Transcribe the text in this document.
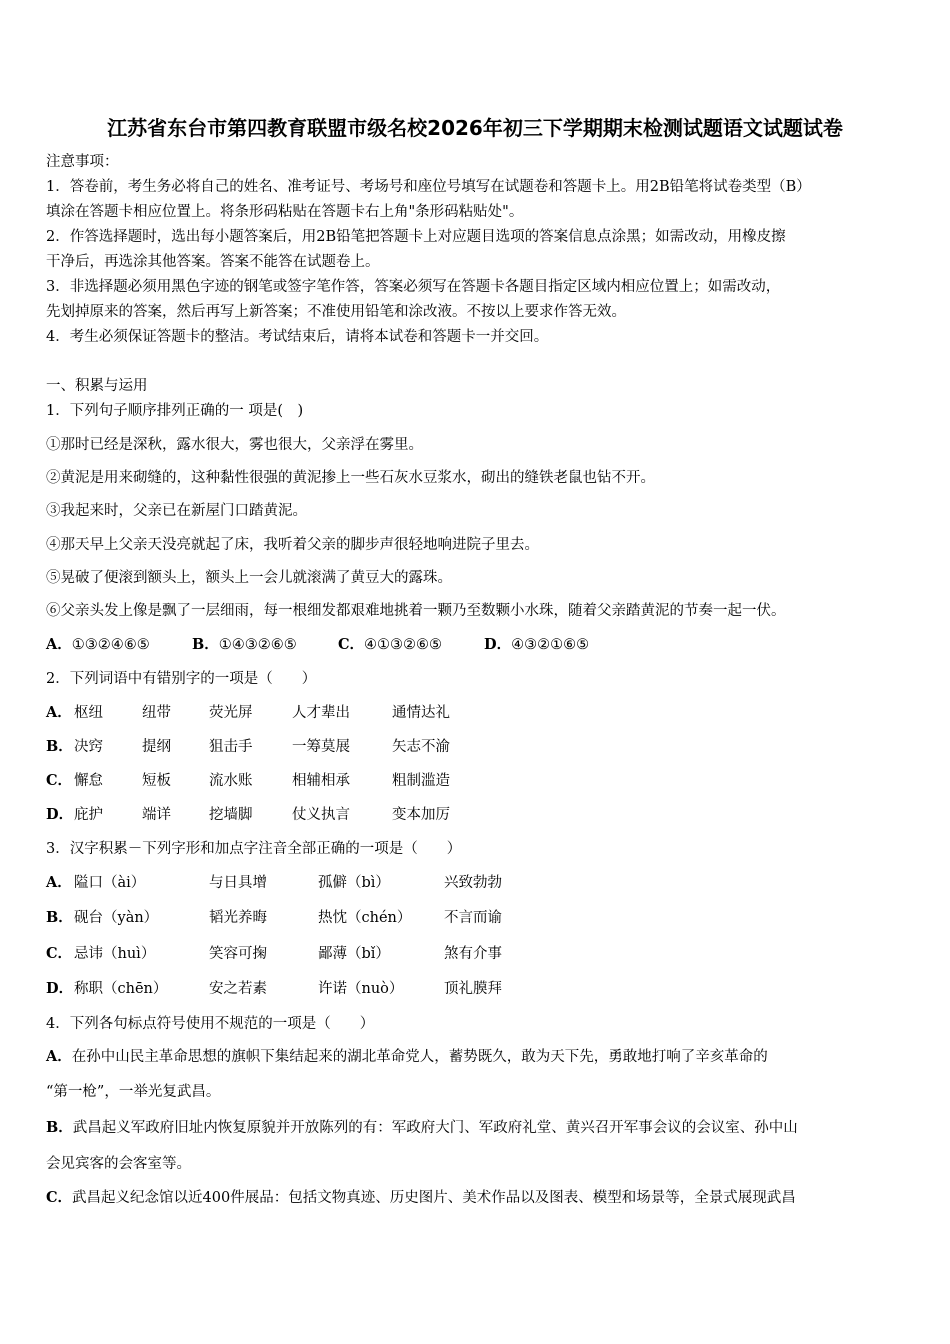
江苏省东台市第四教育联盟市级名校2026年初三下学期期末检测试题语文试题试卷
注意事项：
1．答卷前，考生务必将自己的姓名、准考证号、考场号和座位号填写在试题卷和答题卡上。用2B铅笔将试卷类型（B）
填涂在答题卡相应位置上。将条形码粘贴在答题卡右上角"条形码粘贴处"。
2．作答选择题时，选出每小题答案后，用2B铅笔把答题卡上对应题目选项的答案信息点涂黑；如需改动，用橡皮擦
干净后，再选涂其他答案。答案不能答在试题卷上。
3．非选择题必须用黑色字迹的钢笔或签字笔作答，答案必须写在答题卡各题目指定区域内相应位置上；如需改动，
先划掉原来的答案，然后再写上新答案；不准使用铅笔和涂改液。不按以上要求作答无效。
4．考生必须保证答题卡的整洁。考试结束后，请将本试卷和答题卡一并交回。
一、积累与运用
1．下列句子顺序排列正确的一 项是(　)
①那时已经是深秋，露水很大，雾也很大，父亲浮在雾里。
②黄泥是用来砌缝的，这种黏性很强的黄泥掺上一些石灰水豆浆水，砌出的缝铁老鼠也钻不开。
③我起来时，父亲已在新屋门口踏黄泥。
④那天早上父亲天没亮就起了床，我听着父亲的脚步声很轻地响进院子里去。
⑤晃破了便滚到额头上，额头上一会儿就滚满了黄豆大的露珠。
⑥父亲头发上像是飘了一层细雨，每一根细发都艰难地挑着一颗乃至数颗小水珠，随着父亲踏黄泥的节奏一起一伏。
A．①③②④⑥⑤	B．①④③②⑥⑤	C．④①③②⑥⑤	D．④③②①⑥⑤
2．下列词语中有错别字的一项是（　　）
A． 枢纽	纽带	荧光屏	人才辈出	通情达礼
B． 决窍	提纲	狙击手	一筹莫展	矢志不渝
C． 懈怠	短板	流水账	相辅相承	粗制滥造
D． 庇护	端详	挖墙脚	仗义执言	变本加厉
3．汉字积累－下列字形和加点字注音全部正确的一项是（　　）
A． 隘口（ài）	与日具增	孤僻（bì）	兴致勃勃
B． 砚台（yàn）	韬光养晦	热忱（chén） 不言而谕
C． 忌讳（huì）	笑容可掬	鄙薄（bǐ）	煞有介事
D． 称职（chēn）	安之若素	许诺（nuò）	顶礼膜拜
4．下列各句标点符号使用不规范的一项是（　　）
A．在孙中山民主革命思想的旗帜下集结起来的湖北革命党人，蓄势既久，敢为天下先，勇敢地打响了辛亥革命的
“第一枪”，一举光复武昌。
B．武昌起义军政府旧址内恢复原貌并开放陈列的有：军政府大门、军政府礼堂、黄兴召开军事会议的会议室、孙中山
会见宾客的会客室等。
C．武昌起义纪念馆以近400件展品：包括文物真迹、历史图片、美术作品以及图表、模型和场景等，全景式展现武昌
